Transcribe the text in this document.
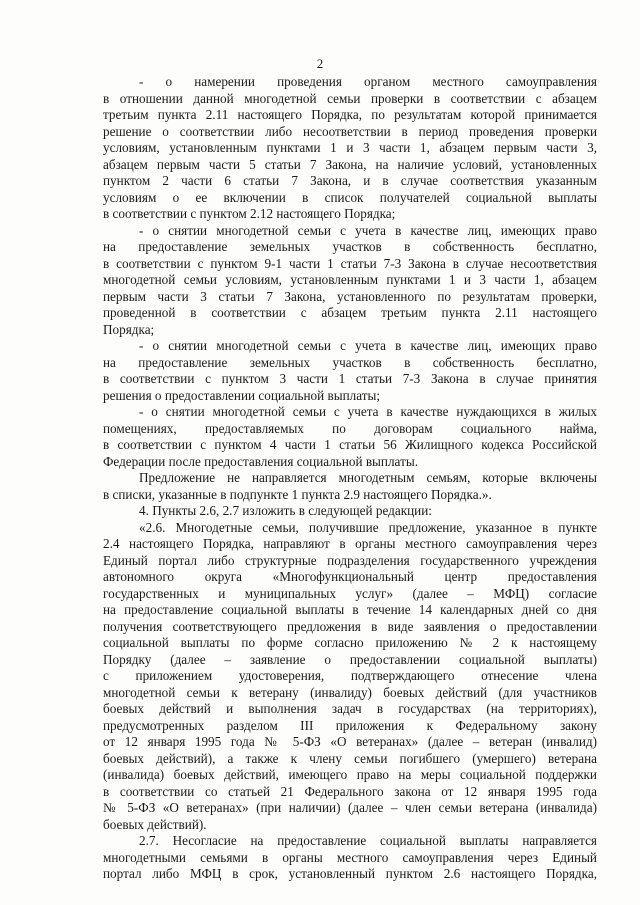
2
- о намерении проведения органом местного самоуправления
в отношении данной многодетной семьи проверки в соответствии с абзацем
третьим пункта 2.11 настоящего Порядка, по результатам которой принимается
решение о соответствии либо несоответствии в период проведения проверки
условиям, установленным пунктами 1 и 3 части 1, абзацем первым части 3,
абзацем первым части 5 статьи 7 Закона, на наличие условий, установленных
пунктом 2 части 6 статьи 7 Закона, и в случае соответствия указанным
условиям о ее включении в список получателей социальной выплаты
в соответствии с пунктом 2.12 настоящего Порядка;
- о снятии многодетной семьи с учета в качестве лиц, имеющих право
на предоставление земельных участков в собственность бесплатно,
в соответствии с пунктом 9-1 части 1 статьи 7-3 Закона в случае несоответствия
многодетной семьи условиям, установленным пунктами 1 и 3 части 1, абзацем
первым части 3 статьи 7 Закона, установленного по результатам проверки,
проведенной в соответствии с абзацем третьим пункта 2.11 настоящего
Порядка;
- о снятии многодетной семьи с учета в качестве лиц, имеющих право
на предоставление земельных участков в собственность бесплатно,
в соответствии с пунктом 3 части 1 статьи 7-3 Закона в случае принятия
решения о предоставлении социальной выплаты;
- о снятии многодетной семьи с учета в качестве нуждающихся в жилых
помещениях, предоставляемых по договорам социального найма,
в соответствии с пунктом 4 части 1 статьи 56 Жилищного кодекса Российской
Федерации после предоставления социальной выплаты.
Предложение не направляется многодетным семьям, которые включены
в списки, указанные в подпункте 1 пункта 2.9 настоящего Порядка.».
4. Пункты 2.6, 2.7 изложить в следующей редакции:
«2.6. Многодетные семьи, получившие предложение, указанное в пункте
2.4 настоящего Порядка, направляют в органы местного самоуправления через
Единый портал либо структурные подразделения государственного учреждения
автономного округа «Многофункциональный центр предоставления
государственных и муниципальных услуг» (далее – МФЦ) согласие
на предоставление социальной выплаты в течение 14 календарных дней со дня
получения соответствующего предложения в виде заявления о предоставлении
социальной выплаты по форме согласно приложению № 2 к настоящему
Порядку (далее – заявление о предоставлении социальной выплаты)
с приложением удостоверения, подтверждающего отнесение члена
многодетной семьи к ветерану (инвалиду) боевых действий (для участников
боевых действий и выполнения задач в государствах (на территориях),
предусмотренных разделом III приложения к Федеральному закону
от 12 января 1995 года № 5-ФЗ «О ветеранах» (далее – ветеран (инвалид)
боевых действий), а также к члену семьи погибшего (умершего) ветерана
(инвалида) боевых действий, имеющего право на меры социальной поддержки
в соответствии со статьей 21 Федерального закона от 12 января 1995 года
№ 5-ФЗ «О ветеранах» (при наличии) (далее – член семьи ветерана (инвалида)
боевых действий).
2.7. Несогласие на предоставление социальной выплаты направляется
многодетными семьями в органы местного самоуправления через Единый
портал либо МФЦ в срок, установленный пунктом 2.6 настоящего Порядка,
